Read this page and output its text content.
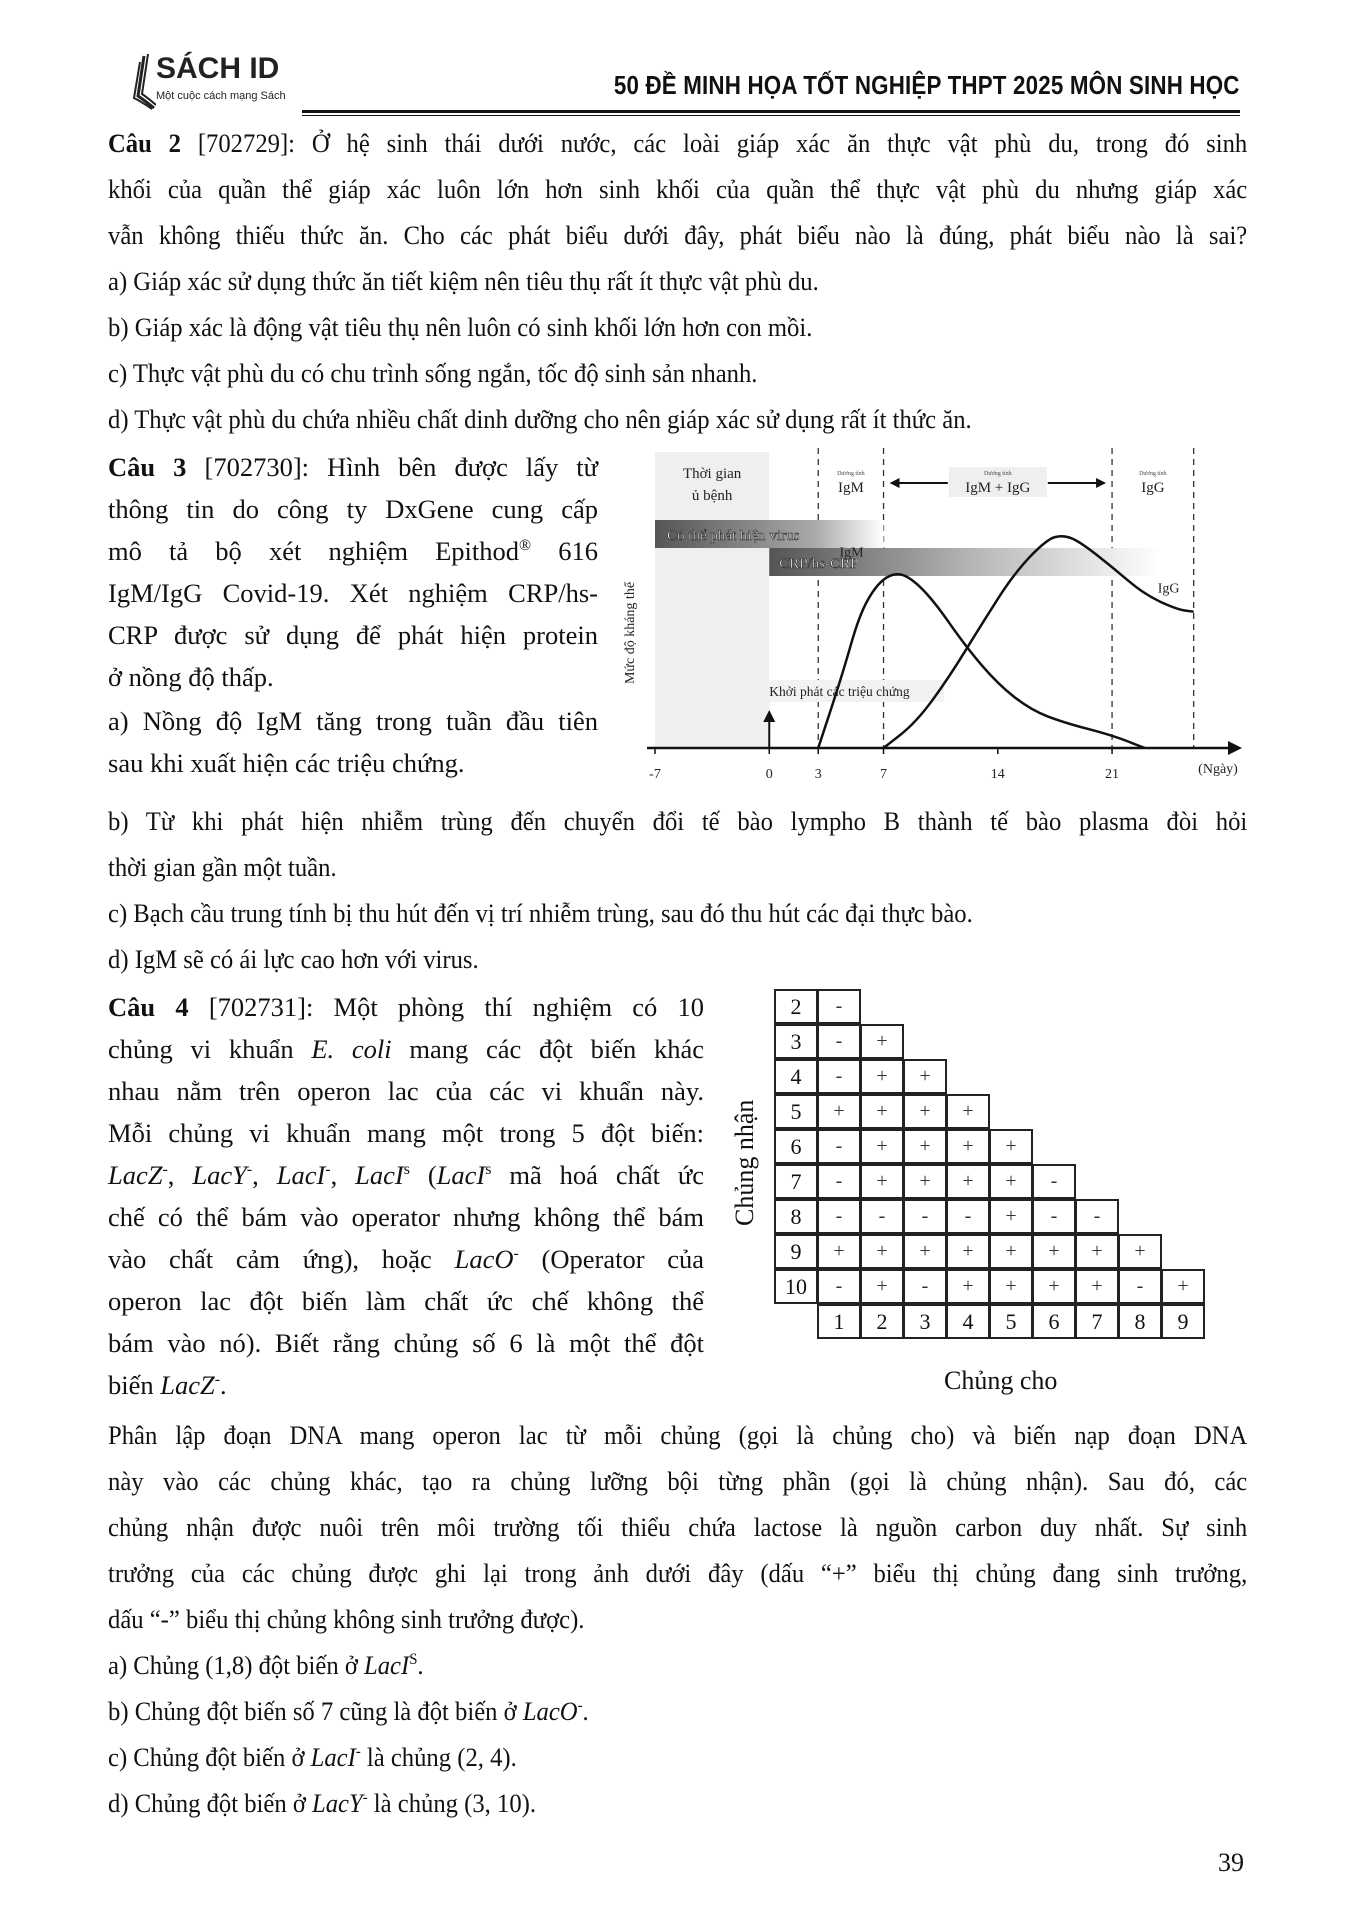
SÁCH ID
Một cuộc cách mạng Sách	50 ĐỀ MINH HỌA TỐT NGHIỆP THPT 2025 MÔN SINH HỌC
Câu 2 [702729]: Ở hệ sinh thái dưới nước, các loài giáp xác ăn thực vật phù du, trong đó sinh
khối của quần thể giáp xác luôn lớn hơn sinh khối của quần thể thực vật phù du nhưng giáp xác
vẫn không thiếu thức ăn. Cho các phát biểu dưới đây, phát biểu nào là đúng, phát biểu nào là sai?
a) Giáp xác sử dụng thức ăn tiết kiệm nên tiêu thụ rất ít thực vật phù du.
b) Giáp xác là động vật tiêu thụ nên luôn có sinh khối lớn hơn con mồi.
c) Thực vật phù du có chu trình sống ngắn, tốc độ sinh sản nhanh.
d) Thực vật phù du chứa nhiều chất dinh dưỡng cho nên giáp xác sử dụng rất ít thức ăn.
Câu 3 [702730]: Hình bên được lấy từ
thông tin do công ty DxGene cung cấp
mô tả bộ xét nghiệm Epithod® 616
IgM/IgG Covid-19. Xét nghiệm CRP/hs-
CRP được sử dụng để phát hiện protein
ở nồng độ thấp.
a) Nồng độ IgM tăng trong tuần đầu tiên
sau khi xuất hiện các triệu chứng.
Thời gian
ủ bệnh
Có thể phát hiện virus
CRP/hs-CRP
Dương tính
IgM
Dương tính
IgM + IgG
Dương tính
IgG
-7	0	3	7	14	21	(Ngày)
Mức độ kháng thể
Khởi phát các triệu chứng
IgM
IgG
b) Từ khi phát hiện nhiễm trùng đến chuyển đổi tế bào lympho B thành tế bào plasma đòi hỏi
thời gian gần một tuần.
c) Bạch cầu trung tính bị thu hút đến vị trí nhiễm trùng, sau đó thu hút các đại thực bào.
d) IgM sẽ có ái lực cao hơn với virus.
Câu 4 [702731]: Một phòng thí nghiệm có 10
chủng vi khuẩn E. coli mang các đột biến khác
nhau nằm trên operon lac của các vi khuẩn này.
Mỗi chủng vi khuẩn mang một trong 5 đột biến:
LacZ-, LacY-, LacI-, LacI$^s$ (LacI$^s$ mã hoá chất ức
chế có thể bám vào operator nhưng không thể bám
vào chất cảm ứng), hoặc LacO- (Operator của
operon lac đột biến làm chất ức chế không thể
bám vào nó). Biết rằng chủng số 6 là một thể đột
biến LacZ-.
Chủng nhận
2	-
3	-	+
4	-	+	+
5	+	+	+	+
6	-	+	+	+	+
7	-	+	+	+	+	-
8	-	-	-	-	+	-	-
9	+	+	+	+	+	+	+	+
10	-	+	-	+	+	+	+	-	+
1	2	3	4	5	6	7	8	9
Chủng cho
Phân lập đoạn DNA mang operon lac từ mỗi chủng (gọi là chủng cho) và biến nạp đoạn DNA
này vào các chủng khác, tạo ra chủng lưỡng bội từng phần (gọi là chủng nhận). Sau đó, các
chủng nhận được nuôi trên môi trường tối thiểu chứa lactose là nguồn carbon duy nhất. Sự sinh
trưởng của các chủng được ghi lại trong ảnh dưới đây (dấu “+” biểu thị chủng đang sinh trưởng,
dấu “-” biểu thị chủng không sinh trưởng được).
a) Chủng (1,8) đột biến ở LacI$^S$.
b) Chủng đột biến số 7 cũng là đột biến ở LacO-.
c) Chủng đột biến ở LacI- là chủng (2, 4).
d) Chủng đột biến ở LacY- là chủng (3, 10).
39
